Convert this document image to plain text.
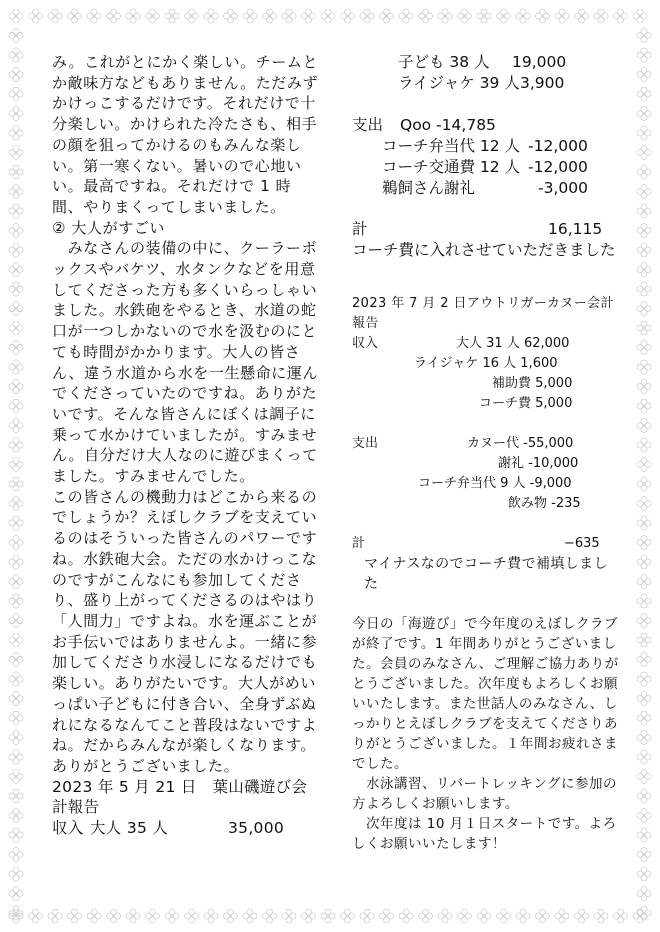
み。これがとにかく楽しい。チームとか敵味方などもありません。ただみずかけっこするだけです。それだけで十分楽しい。かけられた冷たさも、相手の顔を狙ってかけるのもみんな楽しい。第一寒くない。暑いので心地いい。最高ですね。それだけで 1 時間、やりまくってしまいました。

② 大人がすごい

　みなさんの装備の中に、クーラーボックスやバケツ、水タンクなどを用意してくださった方も多くいらっしゃいました。水鉄砲をやるとき、水道の蛇口が一つしかないので水を汲むのにとても時間がかかります。大人の皆さん、違う水道から水を一生懸命に運んでくださっていたのですね。ありがたいです。そんな皆さんにぼくは調子に乗って水かけていましたが。すみません。自分だけ大人なのに遊びまくってました。すみませんでした。

この皆さんの機動力はどこから来るのでしょうか？えぼしクラブを支えているのはそういった皆さんのパワーですね。水鉄砲大会。ただの水かけっこなのですがこんなにも参加してくださり、盛り上がってくださるのはやはり「人間力」ですよね。水を運ぶことがお手伝いではありませんよ。一緒に参加してくださり水浸しになるだけでも楽しい。ありがたいです。大人がめいっぱい子どもに付き合い、全身ずぶぬれになるなんてこと普段はないですよね。だからみんなが楽しくなります。ありがとうございました。

2023 年 5 月 21 日　葉山磯遊び会計報告

収入 大人 35 人	35,000
子ども 38 人 19,000
ライジャケ 39 人 3,900
支出 Qoo -14,785
コーチ弁当代 12 人 -12,000
コーチ交通費 12 人 -12,000
鵜飼さん謝礼	-3,000
計	16,115
コーチ費に入れさせていただきました
2023 年 7 月 2 日アウトリガーカヌー会計報告
収入	大人 31 人 62,000
ライジャケ 16 人 1,600
補助費 5,000
コーチ費 5,000
支出	カヌー代 -55,000
謝礼 -10,000
コーチ弁当代 9 人 -9,000
飲み物 -235
計	−635
マイナスなのでコーチ費で補填しました
今日の「海遊び」で今年度のえぼしクラブが終了です。1 年間ありがとうございました。会員のみなさん、ご理解ご協力ありがとうございました。次年度もよろしくお願いいたします。また世話人のみなさん、しっかりとえぼしクラブを支えてくださりありがとうございました。１年間お疲れさまでした。
　水泳講習、リバートレッキングに参加の方よろしくお願いします。
　次年度は 10 月１日スタートです。よろしくお願いいたします！
